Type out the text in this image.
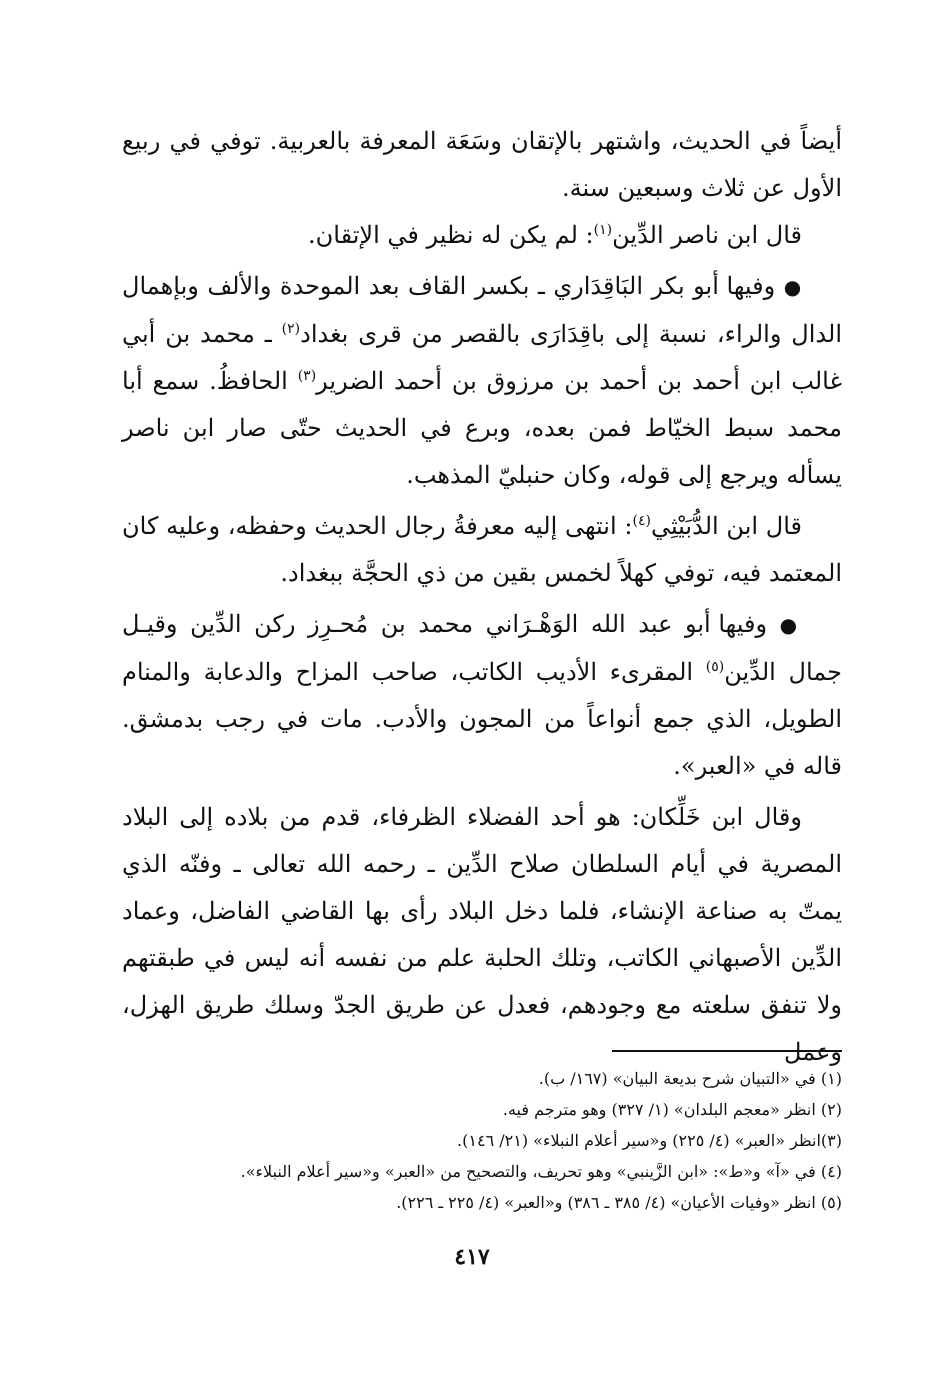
أيضاً في الحديث، واشتهر بالإتقان وسَعَة المعرفة بالعربية. توفي في ربيع الأول عن ثلاث وسبعين سنة.

قال ابن ناصر الدِّين$^{(١)}$: لم يكن له نظير في الإتقان.

● وفيها أبو بكر البَاقِدَاري ـ بكسر القاف بعد الموحدة والألف وبإهمال الدال والراء، نسبة إلى باقِدَارَى بالقصر من قرى بغداد$^{(٢)}$ ـ محمد بن أبي غالب ابن أحمد بن أحمد بن مرزوق بن أحمد الضرير$^{(٣)}$ الحافظُ. سمع أبا محمد سبط الخيّاط فمن بعده، وبرع في الحديث حتّى صار ابن ناصر يسأله ويرجع إلى قوله، وكان حنبليّ المذهب.

قال ابن الدُّبَيْثِي$^{(٤)}$: انتهى إليه معرفةُ رجال الحديث وحفظه، وعليه كان المعتمد فيه، توفي كهلاً لخمس بقين من ذي الحجَّة ببغداد.

● وفيها أبو عبد الله الوَهْـرَاني محمد بن مُحـرِز ركن الدِّين وقيـل جمال الدِّين$^{(٥)}$ المقرىء الأديب الكاتب، صاحب المزاح والدعابة والمنام الطويل، الذي جمع أنواعاً من المجون والأدب. مات في رجب بدمشق. قاله في «العبر».

وقال ابن خَلِّكان: هو أحد الفضلاء الظرفاء، قدم من بلاده إلى البلاد المصرية في أيام السلطان صلاح الدِّين ـ رحمه الله تعالى ـ وفنّه الذي يمتّ به صناعة الإنشاء، فلما دخل البلاد رأى بها القاضي الفاضل، وعماد الدِّين الأصبهاني الكاتب، وتلك الحلبة علم من نفسه أنه ليس في طبقتهم ولا تنفق سلعته مع وجودهم، فعدل عن طريق الجدّ وسلك طريق الهزل، وعمل

(١) في «التبيان شرح بديعة البيان» (١٦٧/ ب).

(٢) انظر «معجم البلدان» (١/ ٣٢٧) وهو مترجم فيه.

(٣)انظر «العبر» (٤/ ٢٢٥) و«سير أعلام النبلاء» (٢١/ ١٤٦).

(٤) في «آ» و«ط»: «ابن الزَّينبي» وهو تحريف، والتصحيح من «العبر» و«سير أعلام النبلاء».

(٥) انظر «وفيات الأعيان» (٤/ ٣٨٥ ـ ٣٨٦) و«العبر» (٤/ ٢٢٥ ـ ٢٢٦).

٤١٧
